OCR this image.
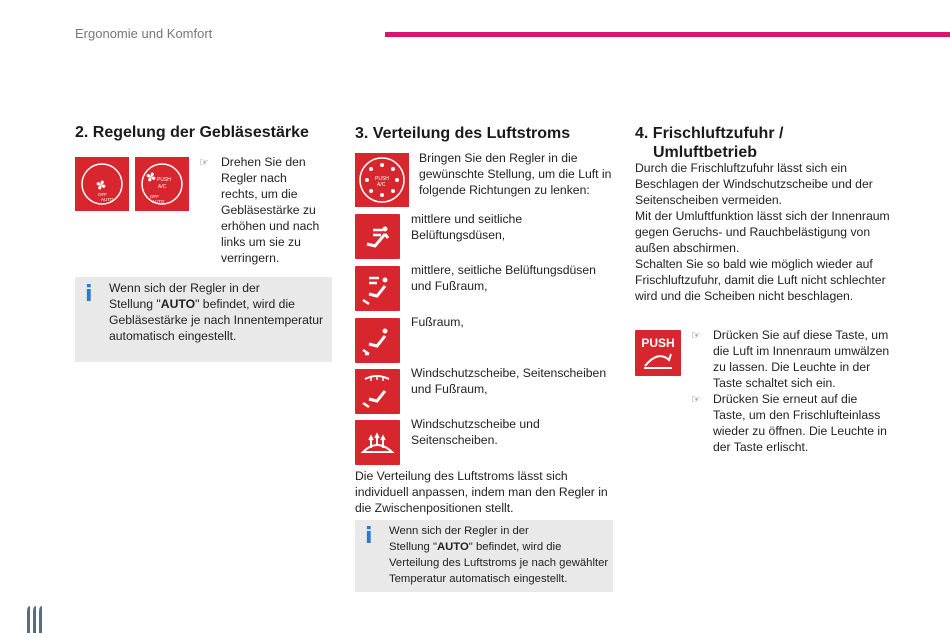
Ergonomie und Komfort
2. Regelung der Gebläsestärke
OFF
AUTO
PUSH
A/C
OFF
AUTO
☞ Drehen Sie den
Regler nach
rechts, um die
Gebläsestärke zu
erhöhen und nach
links um sie zu
verringern.
i Wenn sich der Regler in der
Stellung "AUTO" befindet, wird die
Gebläsestärke je nach Innentemperatur
automatisch eingestellt.
3. Verteilung des Luftstroms
PUSH
A/C
Bringen Sie den Regler in die
gewünschte Stellung, um die Luft in
folgende Richtungen zu lenken:
mittlere und seitliche
Belüftungsdüsen,
mittlere, seitliche Belüftungsdüsen
und Fußraum,
Fußraum,
Windschutzscheibe, Seitenscheiben
und Fußraum,
Windschutzscheibe und
Seitenscheiben.
Die Verteilung des Luftstroms lässt sich
individuell anpassen, indem man den Regler in
die Zwischenpositionen stellt.
i Wenn sich der Regler in der
Stellung "AUTO" befindet, wird die
Verteilung des Luftstroms je nach gewählter
Temperatur automatisch eingestellt.
4. Frischluftzufuhr /
Umluftbetrieb
Durch die Frischluftzufuhr lässt sich ein
Beschlagen der Windschutzscheibe und der
Seitenscheiben vermeiden.
Mit der Umluftfunktion lässt sich der Innenraum
gegen Geruchs- und Rauchbelästigung von
außen abschirmen.
Schalten Sie so bald wie möglich wieder auf
Frischluftzufuhr, damit die Luft nicht schlechter
wird und die Scheiben nicht beschlagen.
PUSH ☞ Drücken Sie auf diese Taste, um
die Luft im Innenraum umwälzen
zu lassen. Die Leuchte in der
Taste schaltet sich ein.
☞ Drücken Sie erneut auf die
Taste, um den Frischlufteinlass
wieder zu öffnen. Die Leuchte in
der Taste erlischt.
